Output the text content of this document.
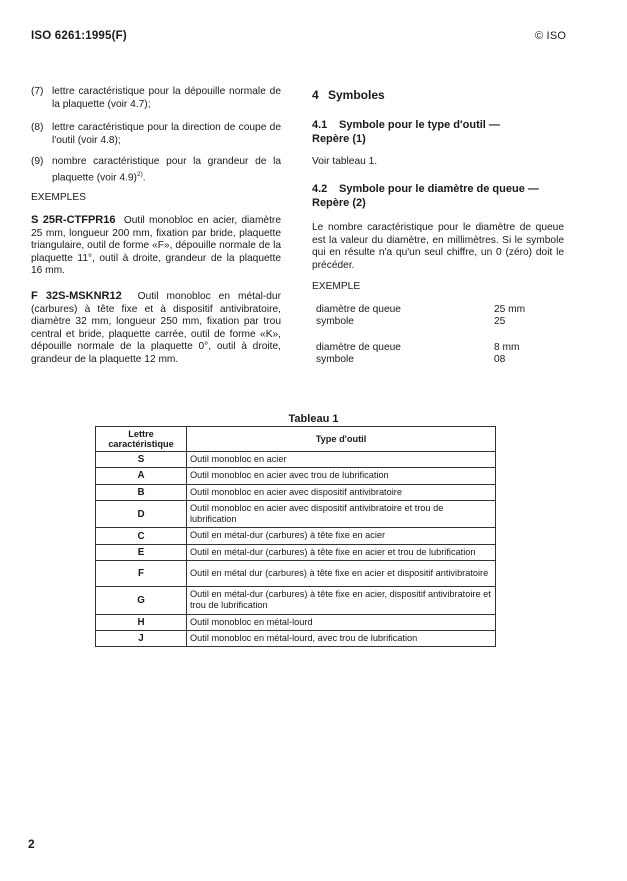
ISO 6261:1995(F)	© ISO
(7) lettre caractéristique pour la dépouille normale de la plaquette (voir 4.7);
(8) lettre caractéristique pour la direction de coupe de l'outil (voir 4.8);
(9) nombre caractéristique pour la grandeur de la plaquette (voir 4.9)$^{2)}$.
EXEMPLES
S 25R-CTFPR16 Outil monobloc en acier, diamètre 25 mm, longueur 200 mm, fixation par bride, plaquette triangulaire, outil de forme «F», dépouille normale de la plaquette 11°, outil à droite, grandeur de la plaquette 16 mm.
F 32S-MSKNR12 Outil monobloc en métal-dur (carbures) à tête fixe et à dispositif antivibratoire, diamètre 32 mm, longueur 250 mm, fixation par trou central et bride, plaquette carrée, outil de forme «K», dépouille normale de la plaquette 0°, outil à droite, grandeur de la plaquette 12 mm.
4 Symboles
4.1 Symbole pour le type d'outil —
Repère (1)
Voir tableau 1.
4.2 Symbole pour le diamètre de queue —
Repère (2)
Le nombre caractéristique pour le diamètre de queue est la valeur du diamètre, en millimètres. Si le symbole qui en résulte n'a qu'un seul chiffre, un 0 (zéro) doit le précéder.
EXEMPLE
diamètre de queue	25 mm
symbole	25
diamètre de queue	8 mm
symbole	08
Tableau 1
Lettre
caractéristique	Type d'outil
S	Outil monobloc en acier
A	Outil monobloc en acier avec trou de lubrification
B	Outil monobloc en acier avec dispositif antivibratoire
D	Outil monobloc en acier avec dispositif antivibratoire et trou de lubrification
C	Outil en métal-dur (carbures) à tête fixe en acier
E	Outil en métal-dur (carbures) à tête fixe en acier et trou de lubrification
F	Outil en métal dur (carbures) à tête fixe en acier et dispositif antivibratoire
G	Outil en métal-dur (carbures) à tête fixe en acier, dispositif antivibratoire et trou de lubrification
H	Outil monobloc en métal-lourd
J	Outil monobloc en métal-lourd, avec trou de lubrification
2
